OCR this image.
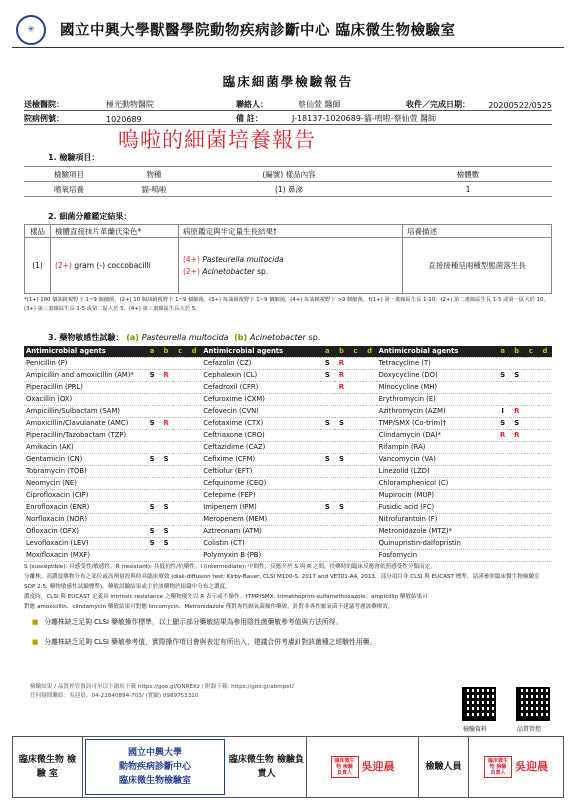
✳	國立中興大學獸醫學院動物疾病診斷中心 臨床微生物檢驗室
臨床細菌學檢驗報告
送檢醫院：	極光動物醫院	聯絡人：	蔡仙萱 醫師	收件／完成日期：	20200522/0525
院病例號：	1020689	備 註：	J-18137-1020689-貓-嗚啦-蔡仙萱 醫師
嗚啦的細菌培養報告
1. 檢驗項目：
檢驗項目	物種	(編號) 樣品內容	檢體數
嗜氧培養	貓-嗚啦	(1) 鼻涕	1
2. 細菌分離鑑定結果：
樣品	檢體直接抹片革蘭氏染色*	病原鑑定與半定量生長結果†	培養描述
(1)	(2+) gram (-) coccobacilli	(4+) Pasteurella multocida
(2+) Acinetobacter sp.	直接接種呈兩種型態菌落生長
*(1+) 100 個油鏡視野下 1~9 個細菌，(2+) 10 個油鏡視野下 1~9 個細菌，(3+) 每油鏡視野下 1~9 個細菌，(4+) 每油鏡視野下 >9 個細菌。†(1+) 第一畫線區生長 1-10，(2+) 第二畫線區生長 1-5 或第一區大於 10，(3+) 第三畫線區生長 1-5 或第二區大於 5，(4+) 第三畫線區生長大於 5。
3. 藥物敏感性試驗： (a) Pasteurella multocida (b) Acinetobacter sp.
Antimicrobial agents	a	b	c	d	Antimicrobial agents	a	b	c	d	Antimicrobial agents	a	b	c	d
Penicillin (P)					Cefazolin (CZ)	S	R			Tetracycline (T)				
Ampicillin and amoxicillin (AM)*	S	R			Cephalexin (CL)	S	R			Doxycycline (DO)	S	S		
Piperacillin (PRL)					Cefadroxil (CFR)		R			Minocycline (MH)				
Oxacillin (OX)					Cefuroxime (CXM)					Erythromycin (E)				
Ampicillin/Sulbactam (SAM)					Cefovecin (CVN)					Azithromycin (AZM)	I	R		
Amoxicillin/Clavulanate (AMC)	S	R			Cefotaxime (CTX)	S	S			TMP/SMX (Co-trim)†	S	S		
Piperacillin/Tazobactam (TZP)					Ceftriaxone (CRO)					Clindamycin (DA)*	R	R		
Amikacin (AK)					Ceftazidime (CAZ)					Rifampin (RA)				
Gentamicin (CN)	S	S			Cefixime (CFM)	S	S			Vancomycin (VA)				
Tobramycin (TOB)					Ceftiofur (EFT)					Linezolid (LZD)				
Neomycin (NE)					Cefquinome (CEQ)					Chloramphenicol (C)				
Ciprofloxacin (CIP)					Cefepime (FEP)					Mupirocin (MUP)				
Enrofloxacin (ENR)	S	S			Imipenem (IPM)	S	S			Fusidic acid (FC)				
Norfloxacin (NOR)					Meropenem (MEM)					Nitrofurantoin (F)				
Ofloxacin (OFX)	S	S			Aztreonam (ATM)					Metronidazole (MTZ)*				
Levofloxacin (LEV)	S	S			Colistin (CT)					Quinupristin-dalfopristin				
Moxifloxacin (MXF)					Polymyxin B (PB)					Fosfomycin				
S (susceptible): 具感受性/敏感性。R (resistant): 具抵抗性/抗藥性。I (intermediate): 中間性，反應介於 S 與 R 之間，投藥時的臨床反應會依照感受性分類而定。
分離株。高濃度藥物分布之部位或高劑量投與時具臨床療效 (disk-diffusion test; Kirby-Bauer, CLSI M100-S, 2017 and VET01-A4, 2013，部分項目非 CLSI 與 EUCAST 標準，請謹參照臨床微生物檢驗室 SOP 2.5: 藥物敏感性試驗標準)。藥敏試驗結果或主於該藥物於組織中分布之濃度，
濃度時，CLSI 與 EUCAST 定義具 intrinsic resistance 之藥物優先以 R 表示或不操作。†TMP/SMX: trimethoprim-sulfamethoxazole。ampicillin 藥敏結果可
對應 amoxicillin、clindamycin 藥敏結果可對應 lincomycin、Metronidazole 僅對專性厭氧菌操作藥敏，針對非專性厭氧菌不建議考慮該藥療效。
■ 分離株缺乏足夠 CLSI 藥敏操作標準，以上顯示部分藥敏結果為參用陰性菌藥敏參考值與方法所得。
■ 分離株缺乏足夠 CLSI 藥敏參考值，實際操作項目會與表定有所出入，建議合併考慮針對該菌種之經驗性用藥。
檢驗結果 / 品質控管資訊可至以下網址下載 https://goo.gl/DNREXz / 附錄下載: https://goo.gl/abmpeU
任何疑問聯絡：吳迎晨，04-22840894-703/ (實驗) 0989753310
檢驗資料	品質管控
臨床微生物 檢 驗 室
國立中興大學
動物疾病診斷中心
臨床微生物檢驗室
臨床微生物 檢驗負責人
臨床微生物 檢驗負責人 吳迎晨	檢驗人員
臨床微生物 檢驗負責人 吳迎晨
